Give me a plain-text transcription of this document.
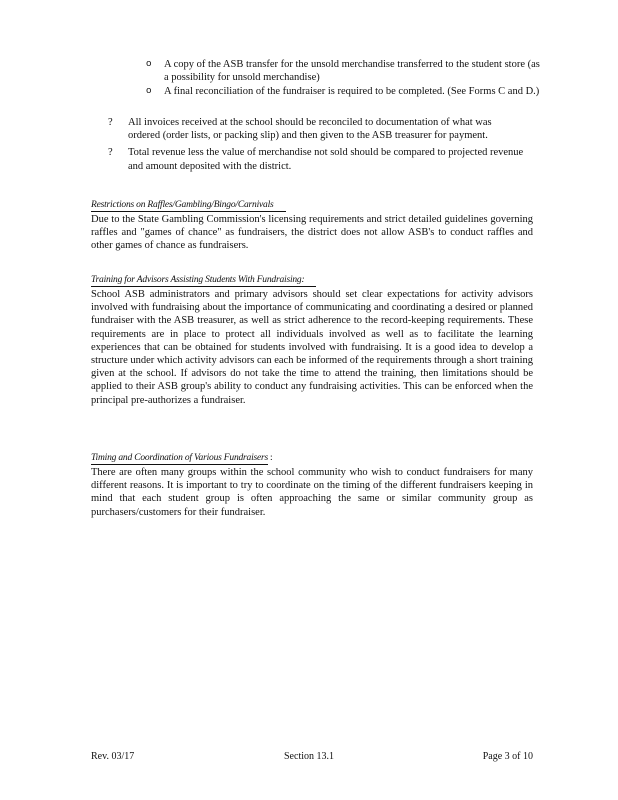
o A copy of the ASB transfer for the unsold merchandise transferred to the student store (as a possibility for unsold merchandise)
o A final reconciliation of the fundraiser is required to be completed. (See Forms C and D.)
? All invoices received at the school should be reconciled to documentation of what was ordered (order lists, or packing slip) and then given to the ASB treasurer for payment.
? Total revenue less the value of merchandise not sold should be compared to projected revenue and amount deposited with the district.
Restrictions on Raffles/Gambling/Bingo/Carnivals
Due to the State Gambling Commission's licensing requirements and strict detailed guidelines governing raffles and "games of chance" as fundraisers, the district does not allow ASB's to conduct raffles and other games of chance as fundraisers.
Training for Advisors Assisting Students With Fundraising:
School ASB administrators and primary advisors should set clear expectations for activity advisors involved with fundraising about the importance of communicating and coordinating a desired or planned fundraiser with the ASB treasurer, as well as strict adherence to the record-keeping requirements. These requirements are in place to protect all individuals involved as well as to facilitate the learning experiences that can be obtained for students involved with fundraising. It is a good idea to develop a structure under which activity advisors can each be informed of the requirements through a short training given at the school. If advisors do not take the time to attend the training, then limitations should be applied to their ASB group's ability to conduct any fundraising activities. This can be enforced when the principal pre-authorizes a fundraiser.
Timing and Coordination of Various Fundraisers :
There are often many groups within the school community who wish to conduct fundraisers for many different reasons. It is important to try to coordinate on the timing of the different fundraisers keeping in mind that each student group is often approaching the same or similar community group as purchasers/customers for their fundraiser.
Rev. 03/17	Section 13.1	Page 3 of 10
